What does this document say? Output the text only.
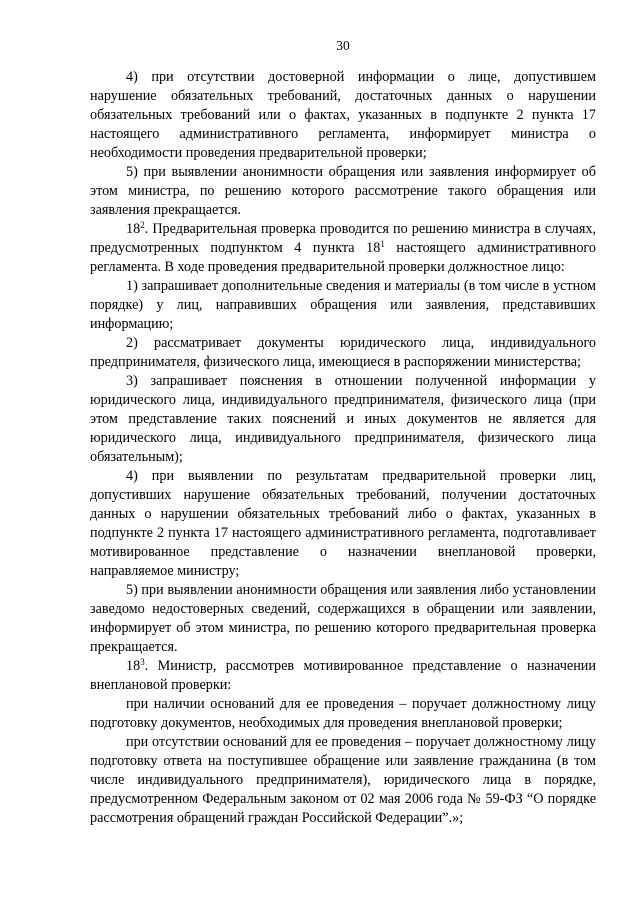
30

4) при отсутствии достоверной информации о лице, допустившем нарушение обязательных требований, достаточных данных о нарушении обязательных требований или о фактах, указанных в подпункте 2 пункта 17 настоящего административного регламента, информирует министра о необходимости проведения предварительной проверки;

5) при выявлении анонимности обращения или заявления информирует об этом министра, по решению которого рассмотрение такого обращения или заявления прекращается.

$18^2$. Предварительная проверка проводится по решению министра в случаях, предусмотренных подпунктом 4 пункта $18^1$ настоящего административного регламента. В ходе проведения предварительной проверки должностное лицо:

1) запрашивает дополнительные сведения и материалы (в том числе в устном порядке) у лиц, направивших обращения или заявления, представивших информацию;

2) рассматривает документы юридического лица, индивидуального предпринимателя, физического лица, имеющиеся в распоряжении министерства;

3) запрашивает пояснения в отношении полученной информации у юридического лица, индивидуального предпринимателя, физического лица (при этом представление таких пояснений и иных документов не является для юридического лица, индивидуального предпринимателя, физического лица обязательным);

4) при выявлении по результатам предварительной проверки лиц, допустивших нарушение обязательных требований, получении достаточных данных о нарушении обязательных требований либо о фактах, указанных в подпункте 2 пункта 17 настоящего административного регламента, подготавливает мотивированное представление о назначении внеплановой проверки, направляемое министру;

5) при выявлении анонимности обращения или заявления либо установлении заведомо недостоверных сведений, содержащихся в обращении или заявлении, информирует об этом министра, по решению которого предварительная проверка прекращается.

$18^3$. Министр, рассмотрев мотивированное представление о назначении внеплановой проверки:

при наличии оснований для ее проведения – поручает должностному лицу подготовку документов, необходимых для проведения внеплановой проверки;

при отсутствии оснований для ее проведения – поручает должностному лицу подготовку ответа на поступившее обращение или заявление гражданина (в том числе индивидуального предпринимателя), юридического лица в порядке, предусмотренном Федеральным законом от 02 мая 2006 года № 59-ФЗ “О порядке рассмотрения обращений граждан Российской Федерации”.»;
